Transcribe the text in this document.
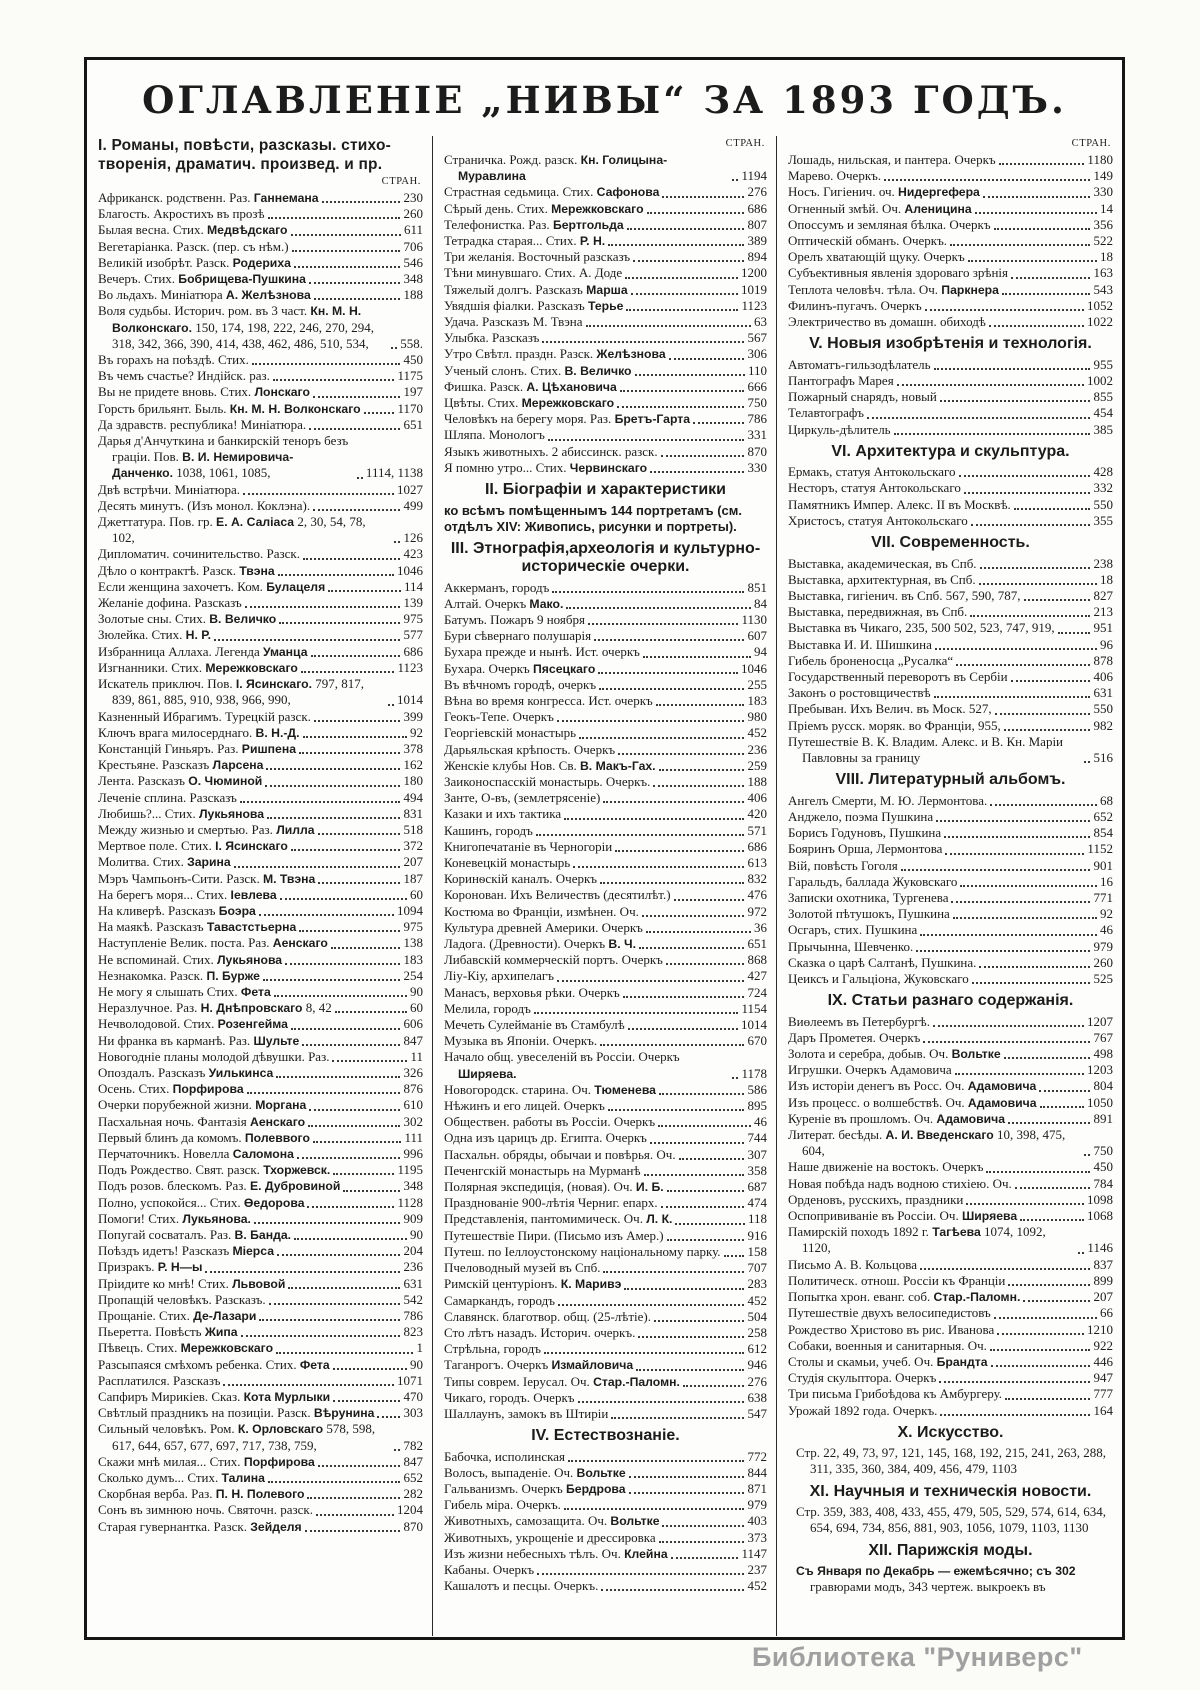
ОГЛАВЛЕНІЕ „НИВЫ“ ЗА 1893 ГОДЪ.
I. Романы, повѣсти, разсказы. стихо-творенія, драматич. произвед. и пр.
СТРАН.
Африканск. родственн. Раз. Ганнемана	230
Благость. Акростихъ въ прозѣ	260
Былая весна. Стих. Медвѣдскаго	611
Вегетаріанка. Разск. (пер. съ нѣм.)	706
Великій изобрѣт. Разск. Родериха	546
Вечеръ. Стих. Бобрищева-Пушкина	348
Во льдахъ. Миніатюра А. Желѣзнова	188
Воля судьбы. Историч. ром. въ 3 част. Кн. М. Н. Волконскаго. 150, 174, 198, 222, 246, 270, 294, 318, 342, 366, 390, 414, 438, 462, 486, 510, 534,	558.
Въ горахъ на поѣздѣ. Стих.	450
Въ чемъ счастье? Индійск. раз.	1175
Вы не придете вновь. Стих. Лонскаго	197
Горсть брильянт. Быль. Кн. М. Н. Волконскаго	1170
Да здравств. республика! Миніатюра.	651
Дарья д'Анчуткина и банкирскій теноръ безъ граціи. Пов. В. И. Немировича-Данченко. 1038, 1061, 1085,	1114, 1138
Двѣ встрѣчи. Миніатюра.	1027
Десять минутъ. (Изъ монол. Коклэна).	499
Джеттатура. Пов. гр. Е. А. Саліаса 2, 30, 54, 78, 102,	126
Дипломатич. сочинительство. Разск.	423
Дѣло о контрактѣ. Разск. Твэна	1046
Если женщина захочетъ. Ком. Булацеля	114
Желаніе дофина. Разсказъ	139
Золотые сны. Стих. В. Величко	975
Зюлейка. Стих. Н. Р.	577
Избранница Аллаха. Легенда Уманца	686
Изгнанники. Стих. Мережковскаго	1123
Искатель приключ. Пов. І. Ясинскаго. 797, 817, 839, 861, 885, 910, 938, 966, 990,	1014
Казненный Ибрагимъ. Турецкій разск.	399
Ключъ врага милосерднаго. В. Н.-Д.	92
Констанцій Гиньяръ. Раз. Ришпена	378
Крестьяне. Разсказъ Ларсена	162
Лента. Разсказъ О. Чюминой	180
Леченіе сплина. Разсказъ	494
Любишь?... Стих. Лукьянова	831
Между жизнью и смертью. Раз. Лилла	518
Мертвое поле. Стих. І. Ясинскаго	372
Молитва. Стих. Зарина	207
Мэръ Чампьонъ-Сити. Разск. М. Твэна	187
На берегъ моря... Стих. Іевлева	60
На кливерѣ. Разсказъ Боэра	1094
На маякѣ. Разсказъ Тавастстьерна	975
Наступленіе Велик. поста. Раз. Аенскаго	138
Не вспоминай. Стих. Лукьянова	183
Незнакомка. Разск. П. Бурже	254
Не могу я слышать Стих. Фета	90
Неразлучное. Раз. Н. Днѣпровскаго 8, 42	60
Нечволодовой. Стих. Розенгейма	606
Ни франка въ карманѣ. Раз. Шульте	847
Новогодніе планы молодой дѣвушки. Раз.	11
Опоздалъ. Разсказъ Уилькинса	326
Осень. Стих. Порфирова	876
Очерки порубежной жизни. Моргана	610
Пасхальная ночь. Фантазія Аенскаго	302
Первый блинъ да комомъ. Полеввого	111
Перчаточникъ. Новелла Саломона	996
Подъ Рождество. Свят. разск. Тхоржевск.	1195
Подъ розов. блескомъ. Раз. Е. Дубровиной	348
Полно, успокойся... Стих. Өедорова	1128
Помоги! Стих. Лукьянова.	909
Попугай сосваталъ. Раз. В. Банда.	90
Поѣздъ идетъ! Разсказъ Міерса	204
Призракъ. Р. Н—ы	236
Пріидите ко мнѣ! Стих. Львовой	631
Пропащій человѣкъ. Разсказъ.	542
Прощаніе. Стих. Де-Лазари	786
Пьеретта. Повѣсть Жипа	823
Пѣвецъ. Стих. Мережковскаго	1
Разсыпаяся смѣхомъ ребенка. Стих. Фета	90
Расплатился. Разсказъ	1071
Сапфиръ Мирикіев. Сказ. Кота Мурлыки	470
Свѣтлый праздникъ на позиціи. Разск. Вѣрунина 303
Сильный человѣкъ. Ром. К. Орловскаго 578, 598, 617, 644, 657, 677, 697, 717, 738, 759,	782
Скажи мнѣ милая... Стих. Порфирова	847
Сколько думъ... Стих. Талина	652
Скорбная верба. Раз. П. Н. Полевого	282
Сонъ въ зимнюю ночь. Святочн. разск.	1204
Старая гувернантка. Разск. Зейделя	870
СТРАН.
Страничка. Рожд. разск. Кн. Голицына-Муравлина	1194
Страстная седьмица. Стих. Сафонова	276
Сѣрый день. Стих. Мережковскаго	686
Телефонистка. Раз. Бертгольда	807
Тетрадка старая... Стих. Р. Н.	389
Три желанія. Восточный разсказъ	894
Тѣни минувшаго. Стих. А. Доде	1200
Тяжелый долгъ. Разсказъ Марша	1019
Увядшія фіалки. Разсказъ Терье	1123
Удача. Разсказъ М. Твэна	63
Улыбка. Разсказъ	567
Утро Свѣтл. праздн. Разск. Желѣзнова	306
Ученый слонъ. Стих. В. Величко	110
Фишка. Разск. А. Цѣхановича	666
Цвѣты. Стих. Мережковскаго	750
Человѣкъ на берегу моря. Раз. Бретъ-Гарта	786
Шляпа. Монологъ	331
Языкъ животныхъ. 2 абиссинск. разск.	870
Я помню утро... Стих. Червинскаго	330
II. Біографіи и характеристики
ко всѣмъ помѣщеннымъ 144 портретамъ (см. отдѣлъ XIV: Живопись, рисунки и портреты).
III. Этнографія,археологія и культурно-историческіе очерки.
Аккерманъ, городъ	851
Алтай. Очеркъ Мако.	84
Батумъ. Пожаръ 9 ноября	1130
Бури сѣвернаго полушарія	607
Бухара прежде и нынѣ. Ист. очеркъ	94
Бухара. Очеркъ Пясецкаго	1046
Въ вѣчномъ городѣ, очеркъ	255
Вѣна во время конгресса. Ист. очеркъ	183
Геокъ-Тепе. Очеркъ	980
Георгіевскій монастырь	452
Дарьяльская крѣпость. Очеркъ	236
Женскіе клубы Нов. Св. В. Макъ-Гах.	259
Заиконоспасскій монастырь. Очеркъ.	188
Занте, О-въ, (землетрясеніе)	406
Казаки и ихъ тактика	420
Кашинъ, городъ	571
Книгопечатаніе въ Черногоріи	686
Коневецкій монастырь	613
Коринѳскій каналъ. Очеркъ	832
Коронован. Ихъ Величествъ (десятилѣт.)	476
Костюма во Франціи, измѣнен. Оч.	972
Культура древней Америки. Очеркъ	36
Ладога. (Древности). Очеркъ В. Ч.	651
Либавскій коммерческій портъ. Очеркъ	868
Ліу-Кіу, архипелагъ	427
Манасъ, верховья рѣки. Очеркъ	724
Мелила, городъ	1154
Мечеть Сулейманіе въ Стамбулѣ	1014
Музыка въ Японіи. Очеркъ.	670
Начало общ. увеселеній въ Россіи. Очеркъ Ширяева.	1178
Новогородск. старина. Оч. Тюменева	586
Нѣжинъ и его лицей. Очеркъ	895
Обществен. работы въ Россіи. Очеркъ	46
Одна изъ царицъ др. Египта. Очеркъ	744
Пасхальн. обряды, обычаи и повѣрья. Оч.	307
Печенгскій монастырь на Мурманѣ	358
Полярная экспедиція, (новая). Оч. И. Б.	687
Празднованіе 900-лѣтія Черниг. епарх.	474
Представленія, пантомимическ. Оч. Л. К.	118
Путешествіе Пири. (Письмо изъ Амер.)	916
Путеш. по Іеллоустонскому національному парку. 158
Пчеловодный музей въ Спб.	707
Римскій центуріонъ. К. Маривэ	283
Самаркандъ, городъ	452
Славянск. благотвор. общ. (25-лѣтіе).	504
Сто лѣтъ назадъ. Историч. очеркъ.	258
Стрѣльна, городъ	612
Таганрогъ. Очеркъ Измайловича	946
Типы соврем. Іерусал. Оч. Стар.-Паломн.	276
Чикаго, городъ. Очеркъ	638
Шаллаунъ, замокъ въ Штиріи	547
IV. Естествознаніе.
Бабочка, исполинская	772
Волосъ, выпаденіе. Оч. Вольтке	844
Гальванизмъ. Очеркъ Бердрова	871
Гибель міра. Очеркъ.	979
Животныхъ, самозащита. Оч. Вольтке	403
Животныхъ, укрощеніе и дрессировка	373
Изъ жизни небесныхъ тѣлъ. Оч. Клейна	1147
Кабаны. Очеркъ	237
Кашалотъ и песцы. Очеркъ.	452
СТРАН.
Лошадь, нильская, и пантера. Очеркъ	1180
Марево. Очеркъ.	149
Носъ. Гигіенич. оч. Нидергефера	330
Огненный змѣй. Оч. Аленицина	14
Опоссумъ и земляная бѣлка. Очеркъ	356
Оптическій обманъ. Очеркъ.	522
Орелъ хватающій щуку. Очеркъ	18
Субъективныя явленія здороваго зрѣнія	163
Теплота человѣч. тѣла. Оч. Паркнера	543
Филинъ-пугачъ. Очеркъ	1052
Электричество въ домашн. обиходѣ	1022
V. Новыя изобрѣтенія и технологія.
Автоматъ-гильзодѣлатель	955
Пантографъ Марея	1002
Пожарный снарядъ, новый	855
Телавтографъ	454
Циркуль-дѣлитель	385
VI. Архитектура и скульптура.
Ермакъ, статуя Антокольскаго	428
Несторъ, статуя Антокольскаго	332
Памятникъ Импер. Алекс. II въ Москвѣ.	550
Христосъ, статуя Антокольскаго	355
VII. Современность.
Выставка, академическая, въ Спб.	238
Выставка, архитектурная, въ Спб.	18
Выставка, гигіенич. въ Спб. 567, 590, 787,	827
Выставка, передвижная, въ Спб.	213
Выставка въ Чикаго, 235, 500 502, 523, 747, 919,	951
Выставка И. И. Шишкина	96
Гибель броненосца „Русалка“	878
Государственный переворотъ въ Сербіи	406
Законъ о ростовщичествѣ	631
Пребыван. Ихъ Велич. въ Моск. 527,	550
Пріемъ русск. моряк. во Франціи, 955,	982
Путешествіе В. К. Владим. Алекс. и В. Кн. Маріи Павловны за границу	516
VIII. Литературный альбомъ.
Ангелъ Смерти, М. Ю. Лермонтова.	68
Анджело, поэма Пушкина	652
Борисъ Годуновъ, Пушкина	854
Бояринъ Орша, Лермонтова	1152
Вій, повѣсть Гоголя	901
Гаральдъ, баллада Жуковскаго	16
Записки охотника, Тургенева	771
Золотой пѣтушокъ, Пушкина	92
Осгаръ, стих. Пушкина	46
Прычынна, Шевченко.	979
Сказка о царѣ Салтанѣ, Пушкина.	260
Цеиксъ и Гальціона, Жуковскаго	525
IX. Статьи разнаго содержанія.
Виөлеемъ въ Петербургѣ.	1207
Даръ Прометея. Очеркъ	767
Золота и серебра, добыв. Оч. Вольтке	498
Игрушки. Очеркъ Адамовича	1203
Изъ исторіи денегъ въ Росс. Оч. Адамовича	804
Изъ процесс. о волшебствѣ. Оч. Адамовича	1050
Куреніе въ прошломъ. Оч. Адамовича	891
Литерат. бесѣды. А. И. Введенскаго 10, 398, 475, 604,	750
Наше движеніе на востокъ. Очеркъ	450
Новая побѣда надъ водною стихіею. Оч.	784
Орденовъ, русскихъ, праздники	1098
Оспопрививаніе въ Россіи. Оч. Ширяева	1068
Памирскій походъ 1892 г. Тагѣева 1074, 1092, 1120,	1146
Письмо А. В. Кольцова	837
Политическ. отнош. Россіи къ Франціи	899
Попытка хрон. еванг. соб. Стар.-Паломн.	207
Путешествіе двухъ велосипедистовъ	66
Рождество Христово въ рис. Иванова	1210
Собаки, военныя и санитарныя. Оч.	922
Столы и скамьи, учеб. Оч. Брандта	446
Студія скульптора. Очеркъ	947
Три письма Грибоѣдова къ Амбургеру.	777
Урожай 1892 года. Очеркъ.	164
X. Искусство.
Стр. 22, 49, 73, 97, 121, 145, 168, 192, 215, 241, 263, 288, 311, 335, 360, 384, 409, 456, 479, 1103
XI. Научныя и техническія новости.
Стр. 359, 383, 408, 433, 455, 479, 505, 529, 574, 614, 634, 654, 694, 734, 856, 881, 903, 1056, 1079, 1103, 1130
XII. Парижскія моды.
Съ Января по Декабрь — ежемѣсячно; съ 302 гравюрами модъ, 343 чертеж. выкроекъ въ
Библиотека "Руниверс"
